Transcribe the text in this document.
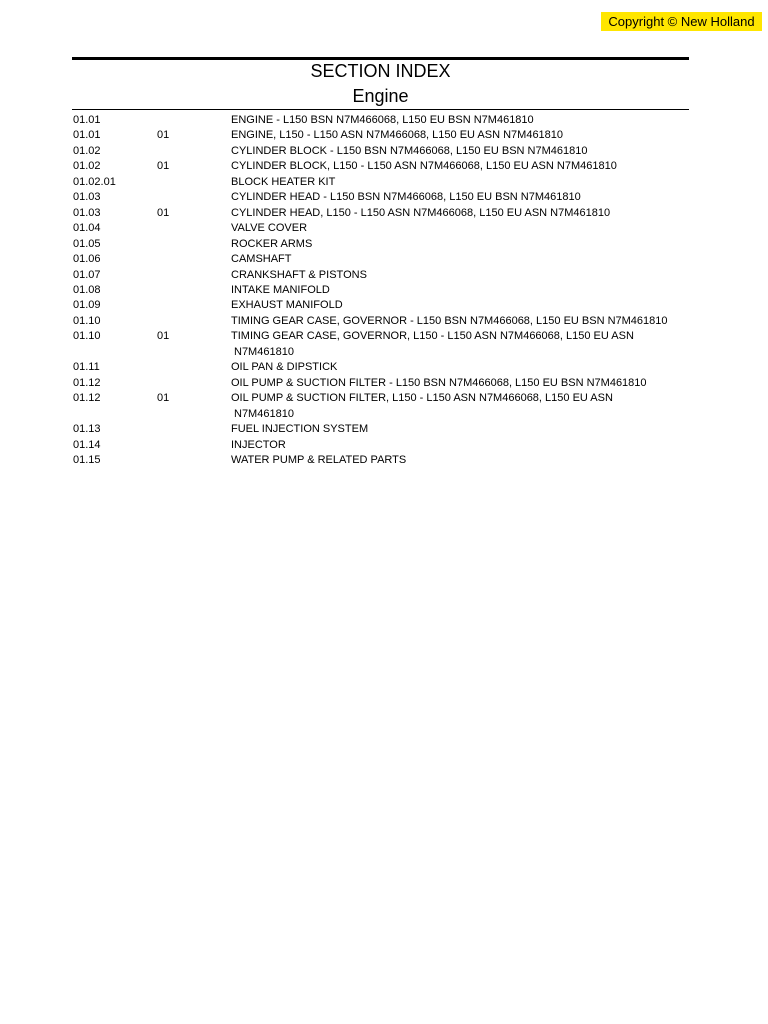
Copyright © New Holland
SECTION INDEX
Engine
01.01	ENGINE - L150 BSN N7M466068, L150 EU BSN N7M461810
01.01	01	ENGINE, L150 - L150 ASN N7M466068, L150 EU ASN N7M461810
01.02	CYLINDER BLOCK - L150 BSN N7M466068, L150 EU BSN N7M461810
01.02	01	CYLINDER BLOCK, L150 - L150 ASN N7M466068, L150 EU ASN N7M461810
01.02.01	BLOCK HEATER KIT
01.03	CYLINDER HEAD - L150 BSN N7M466068, L150 EU BSN N7M461810
01.03	01	CYLINDER HEAD, L150 - L150 ASN N7M466068, L150 EU ASN N7M461810
01.04	VALVE COVER
01.05	ROCKER ARMS
01.06	CAMSHAFT
01.07	CRANKSHAFT & PISTONS
01.08	INTAKE MANIFOLD
01.09	EXHAUST MANIFOLD
01.10	TIMING GEAR CASE, GOVERNOR - L150 BSN N7M466068, L150 EU BSN N7M461810
01.10	01	TIMING GEAR CASE, GOVERNOR, L150 - L150 ASN N7M466068, L150 EU ASN
N7M461810
01.11	OIL PAN & DIPSTICK
01.12	OIL PUMP & SUCTION FILTER - L150 BSN N7M466068, L150 EU BSN N7M461810
01.12	01	OIL PUMP & SUCTION FILTER, L150 - L150 ASN N7M466068, L150 EU ASN
N7M461810
01.13	FUEL INJECTION SYSTEM
01.14	INJECTOR
01.15	WATER PUMP & RELATED PARTS
